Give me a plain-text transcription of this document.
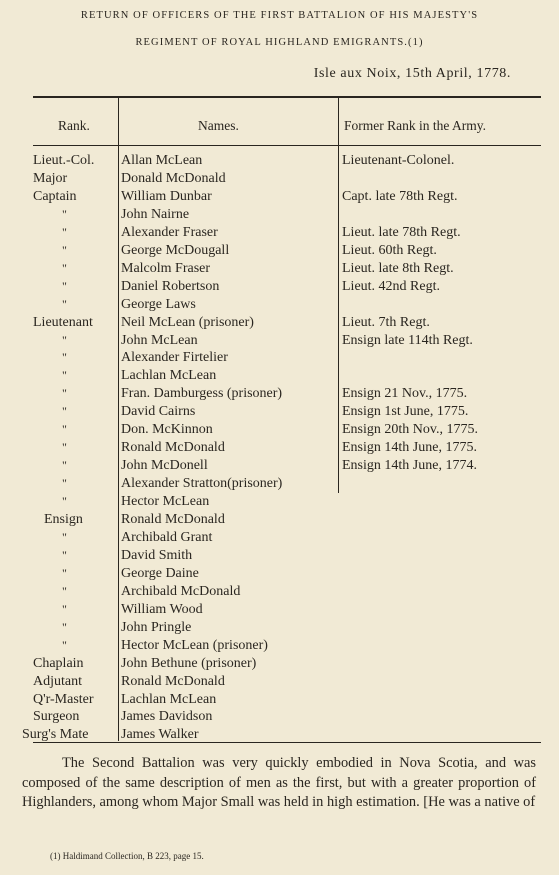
RETURN OF OFFICERS OF THE FIRST BATTALION OF HIS MAJESTY'S
REGIMENT OF ROYAL HIGHLAND EMIGRANTS.(1)
Isle aux Noix, 15th April, 1778.
Rank.	Names.	Former Rank in the Army.
Lieut.-Col.	Allan McLean	Lieutenant-Colonel.
Major	Donald McDonald
Captain	William Dunbar	Capt. late 78th Regt.
"	John Nairne
"	Alexander Fraser	Lieut. late 78th Regt.
"	George McDougall	Lieut. 60th Regt.
"	Malcolm Fraser	Lieut. late 8th Regt.
"	Daniel Robertson	Lieut. 42nd Regt.
"	George Laws
Lieutenant	Neil McLean (prisoner)	Lieut. 7th Regt.
"	John McLean	Ensign late 114th Regt.
"	Alexander Firtelier
"	Lachlan McLean
"	Fran. Damburgess (prisoner)	Ensign 21 Nov., 1775.
"	David Cairns	Ensign 1st June, 1775.
"	Don. McKinnon	Ensign 20th Nov., 1775.
"	Ronald McDonald	Ensign 14th June, 1775.
"	John McDonell	Ensign 14th June, 1774.
"	Alexander Stratton(prisoner)
"	Hector McLean
Ensign	Ronald McDonald
"	Archibald Grant
"	David Smith
"	George Daine
"	Archibald McDonald
"	William Wood
"	John Pringle
"	Hector McLean (prisoner)
Chaplain	John Bethune (prisoner)
Adjutant	Ronald McDonald
Q'r-Master	Lachlan McLean
Surgeon	James Davidson
Surg's Mate	James Walker

The Second Battalion was very quickly embodied in Nova Scotia, and was composed of the same description of men as the first, but with a greater proportion of Highlanders, among whom Major Small was held in high estimation. [He was a native of

(1) Haldimand Collection, B 223, page 15.
